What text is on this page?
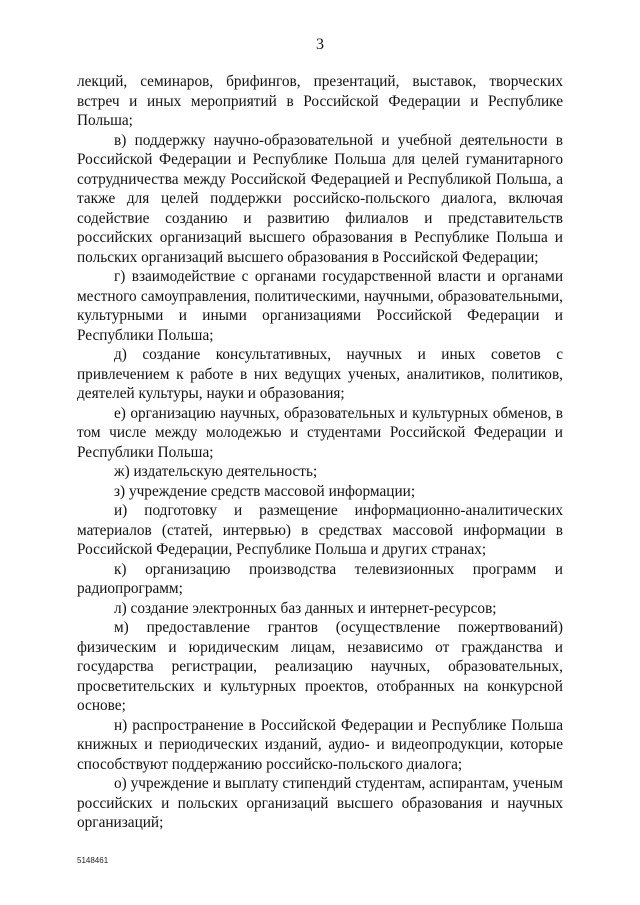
3

лекций, семинаров, брифингов, презентаций, выставок, творческих встреч и иных мероприятий в Российской Федерации и Республике Польша;

в) поддержку научно-образовательной и учебной деятельности в Российской Федерации и Республике Польша для целей гуманитарного сотрудничества между Российской Федерацией и Республикой Польша, а также для целей поддержки российско-польского диалога, включая содействие созданию и развитию филиалов и представительств российских организаций высшего образования в Республике Польша и польских организаций высшего образования в Российской Федерации;

г) взаимодействие с органами государственной власти и органами местного самоуправления, политическими, научными, образовательными, культурными и иными организациями Российской Федерации и Республики Польша;

д) создание консультативных, научных и иных советов с привлечением к работе в них ведущих ученых, аналитиков, политиков, деятелей культуры, науки и образования;

е) организацию научных, образовательных и культурных обменов, в том числе между молодежью и студентами Российской Федерации и Республики Польша;

ж) издательскую деятельность;

з) учреждение средств массовой информации;

и) подготовку и размещение информационно-аналитических материалов (статей, интервью) в средствах массовой информации в Российской Федерации, Республике Польша и других странах;

к) организацию производства телевизионных программ и радиопрограмм;

л) создание электронных баз данных и интернет-ресурсов;

м) предоставление грантов (осуществление пожертвований) физическим и юридическим лицам, независимо от гражданства и государства регистрации, реализацию научных, образовательных, просветительских и культурных проектов, отобранных на конкурсной основе;

н) распространение в Российской Федерации и Республике Польша книжных и периодических изданий, аудио- и видеопродукции, которые способствуют поддержанию российско-польского диалога;

о) учреждение и выплату стипендий студентам, аспирантам, ученым российских и польских организаций высшего образования и научных организаций;

5148461
